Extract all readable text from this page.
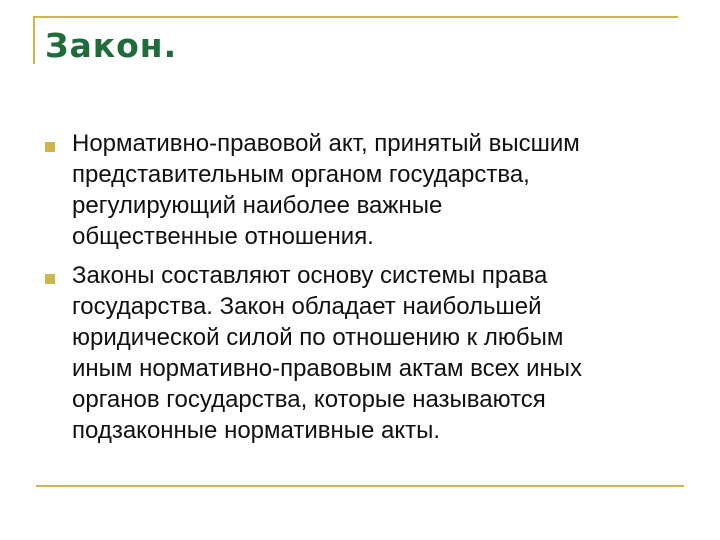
Закон.
Нормативно-правовой акт, принятый высшим
представительным органом государства,
регулирующий наиболее важные
общественные отношения.
Законы составляют основу системы права
государства. Закон обладает наибольшей
юридической силой по отношению к любым
иным нормативно-правовым актам всех иных
органов государства, которые называются
подзаконные нормативные акты.
